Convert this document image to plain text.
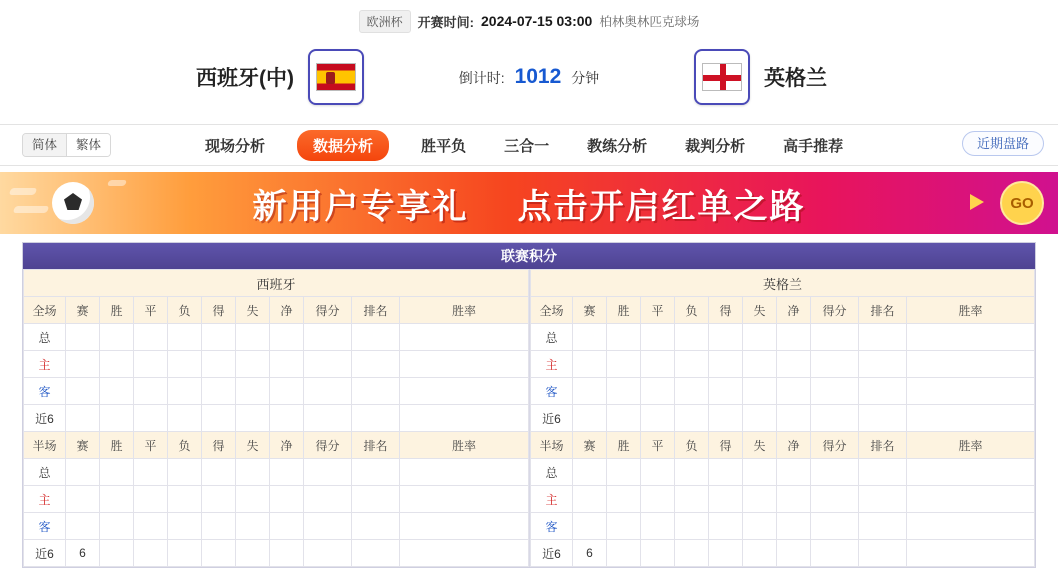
欧洲杯	开赛时间: 2024-07-15 03:00 柏林奥林匹克球场
西班牙(中)	倒计时: 1012 分钟	英格兰
简体	繁体	现场分析	数据分析	胜平负	三合一	教练分析	裁判分析	高手推荐	近期盘路
新用户专享礼 点击开启红单之路	GO
联赛积分
西班牙										
全场	赛	胜	平	负	得	失	净	得分	排名	胜率
总										
主										
客										
近6										
半场	赛	胜	平	负	得	失	净	得分	排名	胜率
总										
主										
客										
近6	6									
英格兰										
全场	赛	胜	平	负	得	失	净	得分	排名	胜率
总										
主										
客										
近6										
半场	赛	胜	平	负	得	失	净	得分	排名	胜率
总										
主										
客										
近6	6									
